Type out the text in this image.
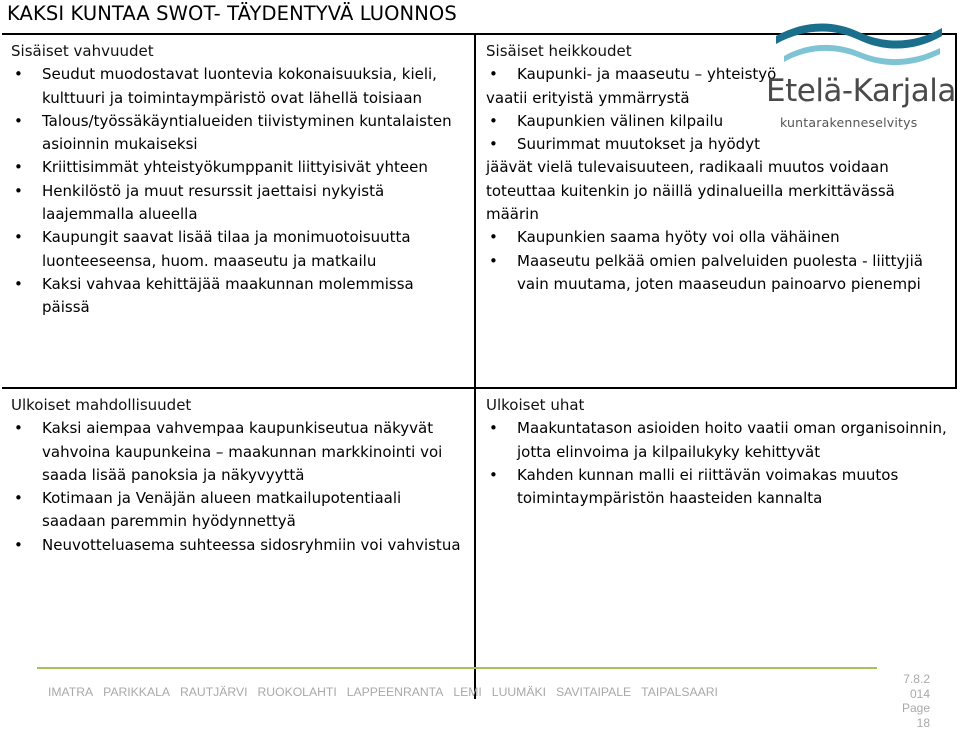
KAKSI KUNTAA SWOT- TÄYDENTYVÄ LUONNOS
Sisäiset vahvuudet
• Seudut muodostavat luontevia kokonaisuuksia, kieli, kulttuuri ja toimintaympäristö ovat lähellä toisiaan
• Talous/työssäkäyntialueiden tiivistyminen kuntalaisten asioinnin mukaiseksi
• Kriittisimmät yhteistyökumppanit liittyisivät yhteen
• Henkilöstö ja muut resurssit jaettaisi nykyistä laajemmalla alueella
• Kaupungit saavat lisää tilaa ja monimuotoisuutta luonteeseensa, huom. maaseutu ja matkailu
• Kaksi vahvaa kehittäjää maakunnan molemmissa päissä
Sisäiset heikkoudet
• Kaupunki- ja maaseutu – yhteistyö
vaatii erityistä ymmärrystä
• Kaupunkien välinen kilpailu
• Suurimmat muutokset ja hyödyt
jäävät vielä tulevaisuuteen, radikaali muutos voidaan toteuttaa kuitenkin jo näillä ydinalueilla merkittävässä määrin
• Kaupunkien saama hyöty voi olla vähäinen
• Maaseutu pelkää omien palveluiden puolesta - liittyjiä vain muutama, joten maaseudun painoarvo pienempi
Ulkoiset mahdollisuudet
• Kaksi aiempaa vahvempaa kaupunkiseutua näkyvät vahvoina kaupunkeina – maakunnan markkinointi voi saada lisää panoksia ja näkyvyyttä
• Kotimaan ja Venäjän alueen matkailupotentiaali saadaan paremmin hyödynnettyä
• Neuvotteluasema suhteessa sidosryhmiin voi vahvistua
Ulkoiset uhat
• Maakuntatason asioiden hoito vaatii oman organisoinnin, jotta elinvoima ja kilpailukyky kehittyvät
• Kahden kunnan malli ei riittävän voimakas muutos toimintaympäristön haasteiden kannalta
Etelä-Karjala
kuntarakenneselvitys
IMATRA PARIKKALA RAUTJÄRVI RUOKOLAHTI LAPPEENRANTA LEMI LUUMÄKI SAVITAIPALE TAIPALSAARI
7.8.2
014
Page
18
